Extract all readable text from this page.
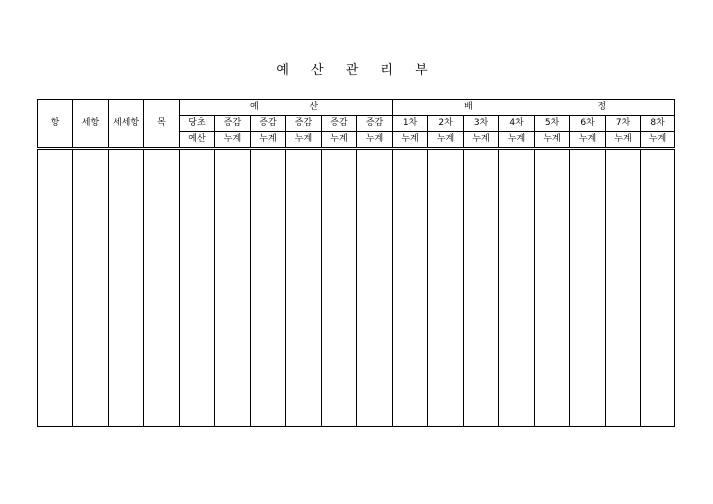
예 산 관 리 부
항	세항	세세항	목	예 산						배 정							

				당초	증감	증감	증감	증감	증감	1차	2차	3차	4차	5차	6차	7차	8차
				예산	누계	누계	누계	누계	누계	누계	누계	누계	누계	누계	누계	누계	누계
